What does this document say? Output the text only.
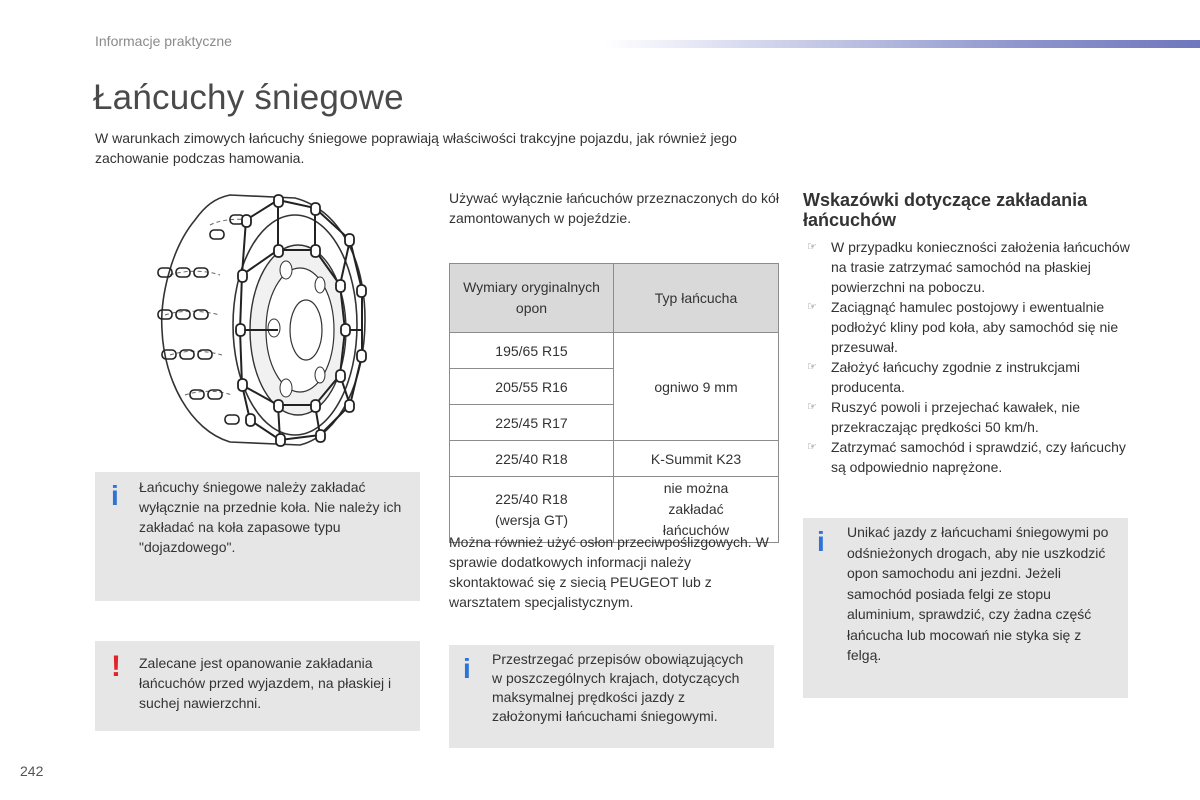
Informacje praktyczne
Łańcuchy śniegowe
W warunkach zimowych łańcuchy śniegowe poprawiają właściwości trakcyjne pojazdu, jak również jego zachowanie podczas hamowania.
i Łańcuchy śniegowe należy zakładać wyłącznie na przednie koła. Nie należy ich zakładać na koła zapasowe typu "dojazdowego".
! Zalecane jest opanowanie zakładania łańcuchów przed wyjazdem, na płaskiej i suchej nawierzchni.
Używać wyłącznie łańcuchów przeznaczonych do kół zamontowanych w pojeździe.
Wymiary oryginalnych opon	Typ łańcucha
195/65 R15	ogniwo 9 mm
205/55 R16	
225/45 R17	
225/40 R18	K-Summit K23
225/40 R18 (wersja GT)	nie można zakładać łańcuchów
Można również użyć osłon przeciwpoślizgowych. W sprawie dodatkowych informacji należy skontaktować się z siecią PEUGEOT lub z warsztatem specjalistycznym.
i Przestrzegać przepisów obowiązujących w poszczególnych krajach, dotyczących maksymalnej prędkości jazdy z założonymi łańcuchami śniegowymi.
Wskazówki dotyczące zakładania łańcuchów
☞ W przypadku konieczności założenia łańcuchów na trasie zatrzymać samochód na płaskiej powierzchni na poboczu.
☞ Zaciągnąć hamulec postojowy i ewentualnie podłożyć kliny pod koła, aby samochód się nie przesuwał.
☞ Założyć łańcuchy zgodnie z instrukcjami producenta.
☞ Ruszyć powoli i przejechać kawałek, nie przekraczając prędkości 50 km/h.
☞ Zatrzymać samochód i sprawdzić, czy łańcuchy są odpowiednio naprężone.
i Unikać jazdy z łańcuchami śniegowymi po odśnieżonych drogach, aby nie uszkodzić opon samochodu ani jezdni. Jeżeli samochód posiada felgi ze stopu aluminium, sprawdzić, czy żadna część łańcucha lub mocowań nie styka się z felgą.
242
